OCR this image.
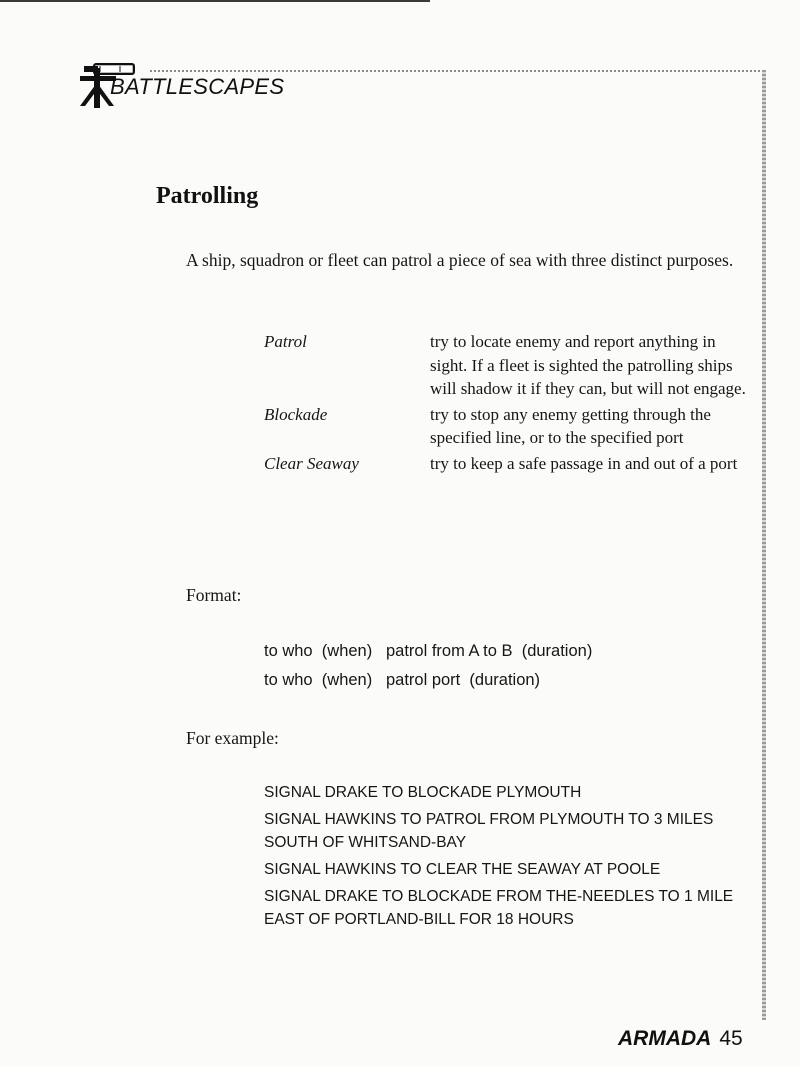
BATTLESCAPES
Patrolling

A ship, squadron or fleet can patrol a piece of sea with three distinct purposes.

Patrol	try to locate enemy and report anything in sight. If a fleet is sighted the patrolling ships will shadow it if they can, but will not engage.
Blockade	try to stop any enemy getting through the specified line, or to the specified port
Clear Seaway	try to keep a safe passage in and out of a port
Format:
to who  (when)   patrol from A to B  (duration)
to who  (when)   patrol port  (duration)
For example:
SIGNAL DRAKE TO BLOCKADE PLYMOUTH
SIGNAL HAWKINS TO PATROL FROM PLYMOUTH TO 3 MILES SOUTH OF WHITSAND-BAY
SIGNAL HAWKINS TO CLEAR THE SEAWAY AT POOLE
SIGNAL DRAKE TO BLOCKADE FROM THE-NEEDLES TO 1 MILE EAST OF PORTLAND-BILL FOR 18 HOURS
ARMADA 45
